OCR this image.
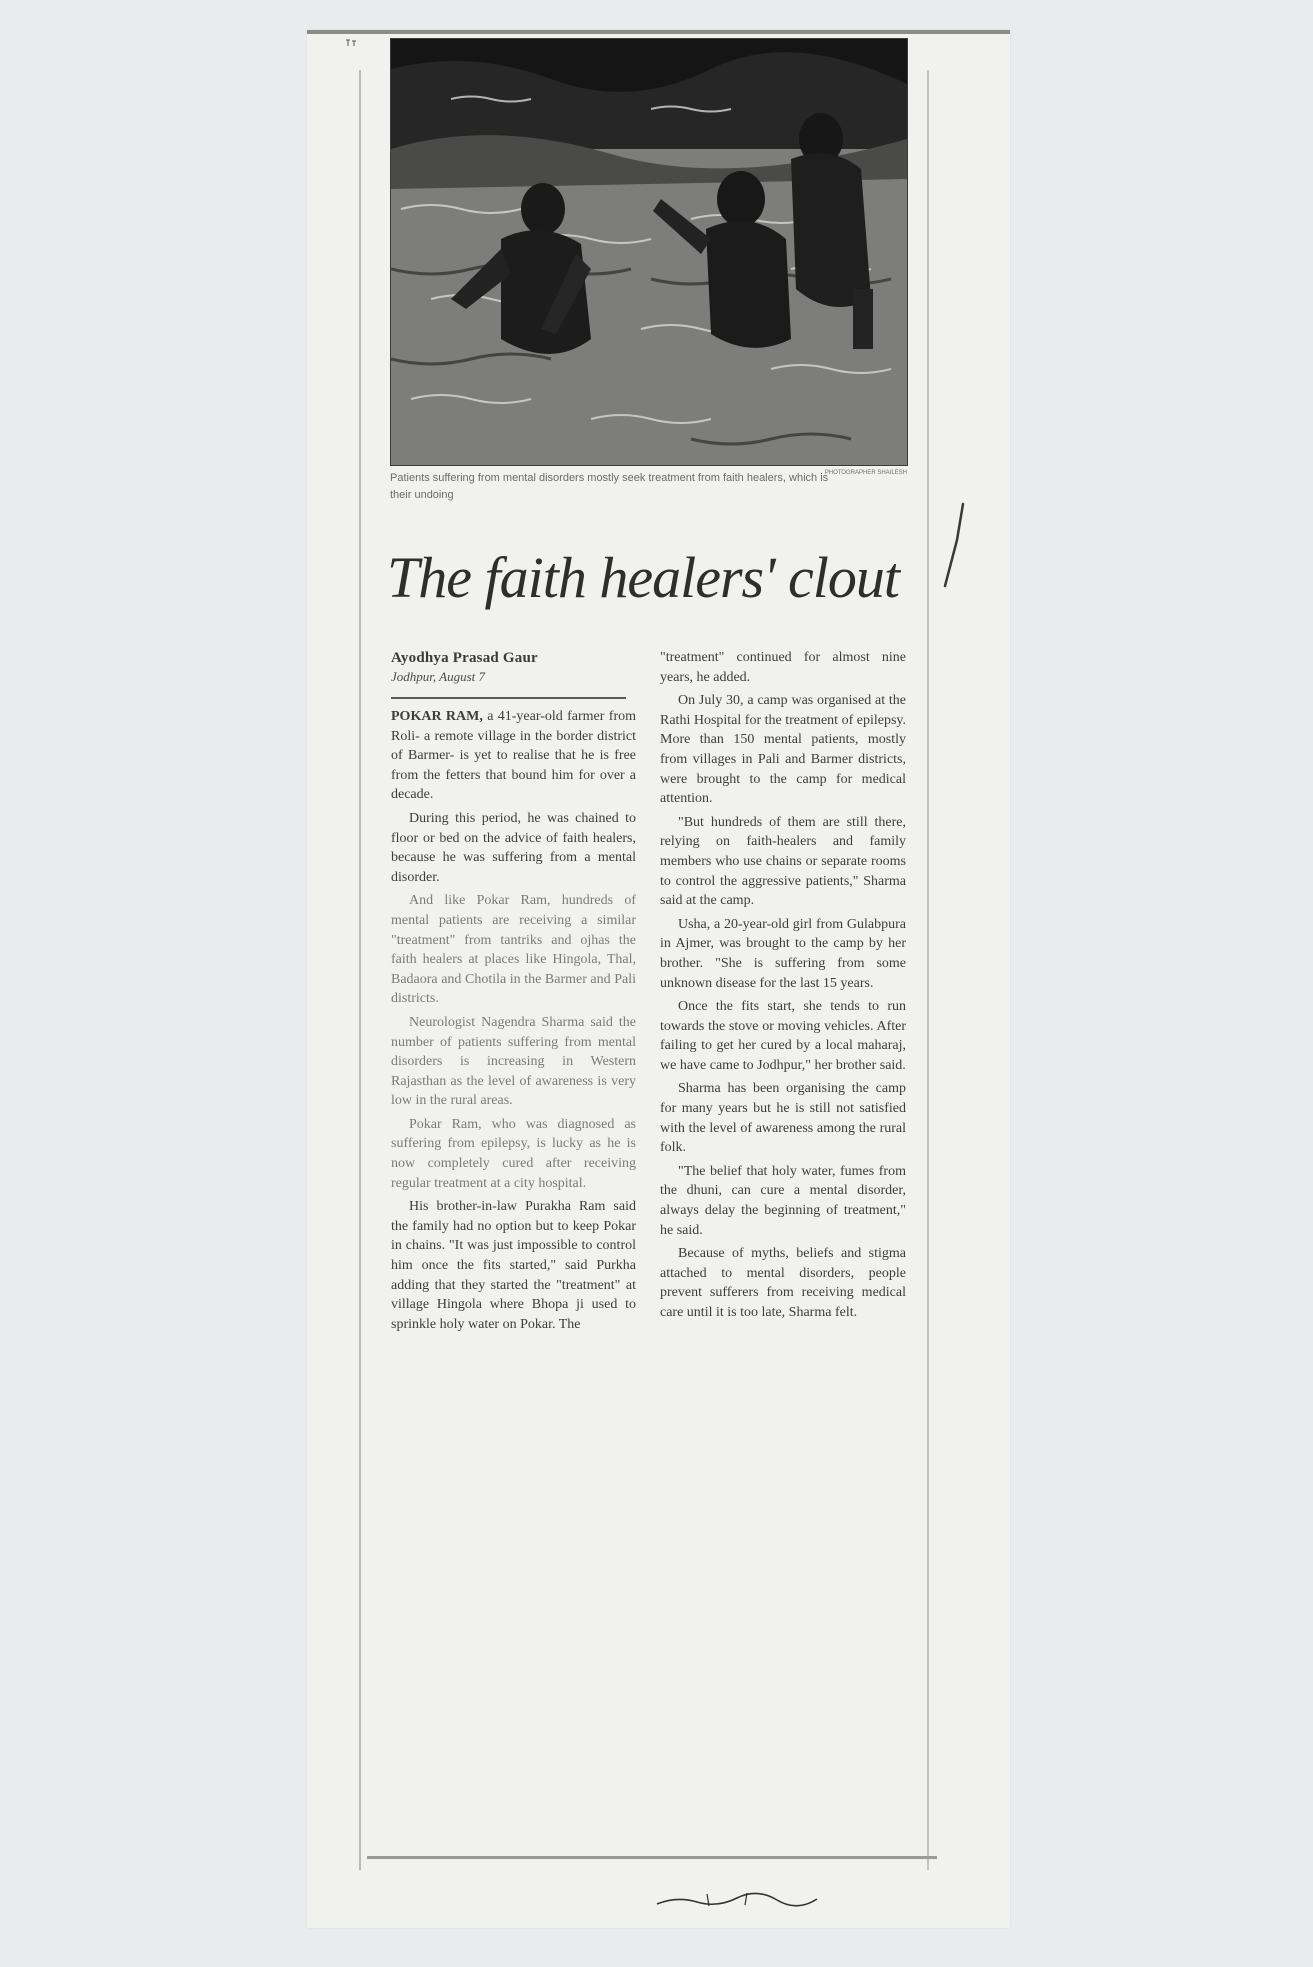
PHOTOGRAPHER SHAILESH
Patients suffering from mental disorders mostly seek treatment from faith healers, which is their undoing
The faith healers' clout
Ayodhya Prasad Gaur
Jodhpur, August 7

POKAR RAM, a 41-year-old farmer from Roli- a remote village in the border district of Barmer- is yet to realise that he is free from the fetters that bound him for over a decade.

During this period, he was chained to floor or bed on the advice of faith healers, because he was suffering from a mental disorder.

And like Pokar Ram, hundreds of mental patients are receiving a similar "treatment" from tantriks and ojhas the faith healers at places like Hingola, Thal, Badaora and Chotila in the Barmer and Pali districts.

Neurologist Nagendra Sharma said the number of patients suffering from mental disorders is increasing in Western Rajasthan as the level of awareness is very low in the rural areas.

Pokar Ram, who was diagnosed as suffering from epilepsy, is lucky as he is now completely cured after receiving regular treatment at a city hospital.

His brother-in-law Purakha Ram said the family had no option but to keep Pokar in chains. "It was just impossible to control him once the fits started," said Purkha adding that they started the "treatment" at village Hingola where Bhopa ji used to sprinkle holy water on Pokar. The

"treatment" continued for almost nine years, he added.

On July 30, a camp was organised at the Rathi Hospital for the treatment of epilepsy. More than 150 mental patients, mostly from villages in Pali and Barmer districts, were brought to the camp for medical attention.

"But hundreds of them are still there, relying on faith-healers and family members who use chains or separate rooms to control the aggressive patients," Sharma said at the camp.

Usha, a 20-year-old girl from Gulabpura in Ajmer, was brought to the camp by her brother. "She is suffering from some unknown disease for the last 15 years.

Once the fits start, she tends to run towards the stove or moving vehicles. After failing to get her cured by a local maharaj, we have came to Jodhpur," her brother said.

Sharma has been organising the camp for many years but he is still not satisfied with the level of awareness among the rural folk.

"The belief that holy water, fumes from the dhuni, can cure a mental disorder, always delay the beginning of treatment," he said.

Because of myths, beliefs and stigma attached to mental disorders, people prevent sufferers from receiving medical care until it is too late, Sharma felt.
